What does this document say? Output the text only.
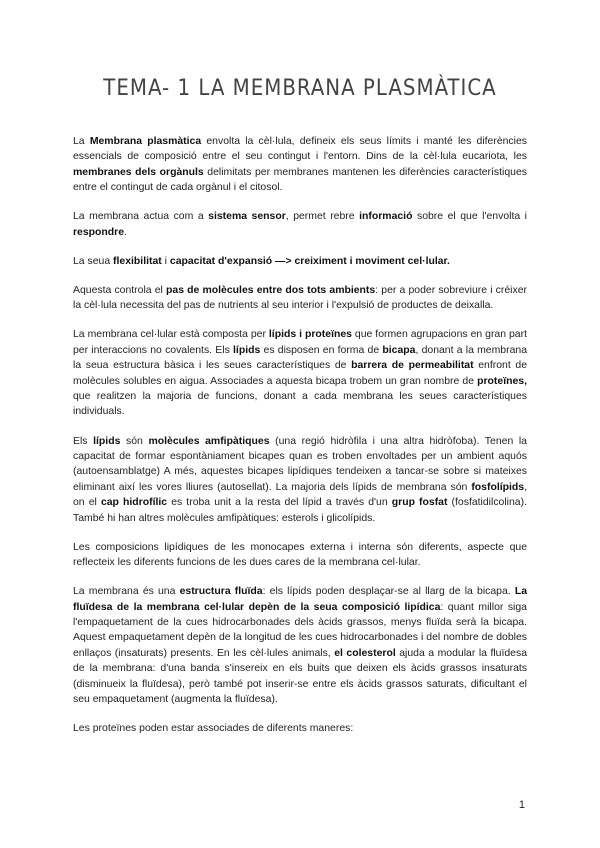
TEMA- 1 LA MEMBRANA PLASMÀTICA

La Membrana plasmàtica envolta la cèl·lula, defineix els seus límits i manté les diferències essencials de composició entre el seu contingut i l'entorn. Dins de la cèl·lula eucariota, les membranes dels orgànuls delimitats per membranes mantenen les diferències característiques entre el contingut de cada orgànul i el citosol.

La membrana actua com a sistema sensor, permet rebre informació sobre el que l'envolta i respondre.

La seua flexibilitat i capacitat d'expansió —> creiximent i moviment cel·lular.

Aquesta controla el pas de molècules entre dos tots ambients: per a poder sobreviure i créixer la cèl·lula necessita del pas de nutrients al seu interior i l'expulsió de productes de deixalla.

La membrana cel·lular està composta per lípids i proteïnes que formen agrupacions en gran part per interaccions no covalents. Els lípids es disposen en forma de bicapa, donant a la membrana la seua estructura bàsica i les seues característiques de barrera de permeabilitat enfront de molècules solubles en aigua. Associades a aquesta bicapa trobem un gran nombre de proteïnes, que realitzen la majoria de funcions, donant a cada membrana les seues característiques individuals.

Els lípids són molècules amfipàtiques (una regió hidròfila i una altra hidròfoba). Tenen la capacitat de formar espontàniament bicapes quan es troben envoltades per un ambient aquós (autoensamblatge) A més, aquestes bicapes lipídiques tendeixen a tancar-se sobre si mateixes eliminant així les vores lliures (autosellat). La majoria dels lípids de membrana són fosfolípids, on el cap hidrofílic es troba unit a la resta del lípid a través d'un grup fosfat (fosfatidilcolina). També hi han altres molècules amfipàtiques: esterols i glicolípids.

Les composicions lipídiques de les monocapes externa i interna són diferents, aspecte que reflecteix les diferents funcions de les dues cares de la membrana cel·lular.

La membrana és una estructura fluïda: els lípids poden desplaçar-se al llarg de la bicapa. La fluïdesa de la membrana cel·lular depèn de la seua composició lipídica: quant millor siga l'empaquetament de la cues hidrocarbonades dels àcids grassos, menys fluïda serà la bicapa. Aquest empaquetament depèn de la longitud de les cues hidrocarbonades i del nombre de dobles enllaços (insaturats) presents. En les cèl·lules animals, el colesterol ajuda a modular la fluïdesa de la membrana: d'una banda s'insereix en els buits que deixen els àcids grassos insaturats (disminueix la fluïdesa), però també pot inserir-se entre els àcids grassos saturats, dificultant el seu empaquetament (augmenta la fluïdesa).

Les proteïnes poden estar associades de diferents maneres:

1
